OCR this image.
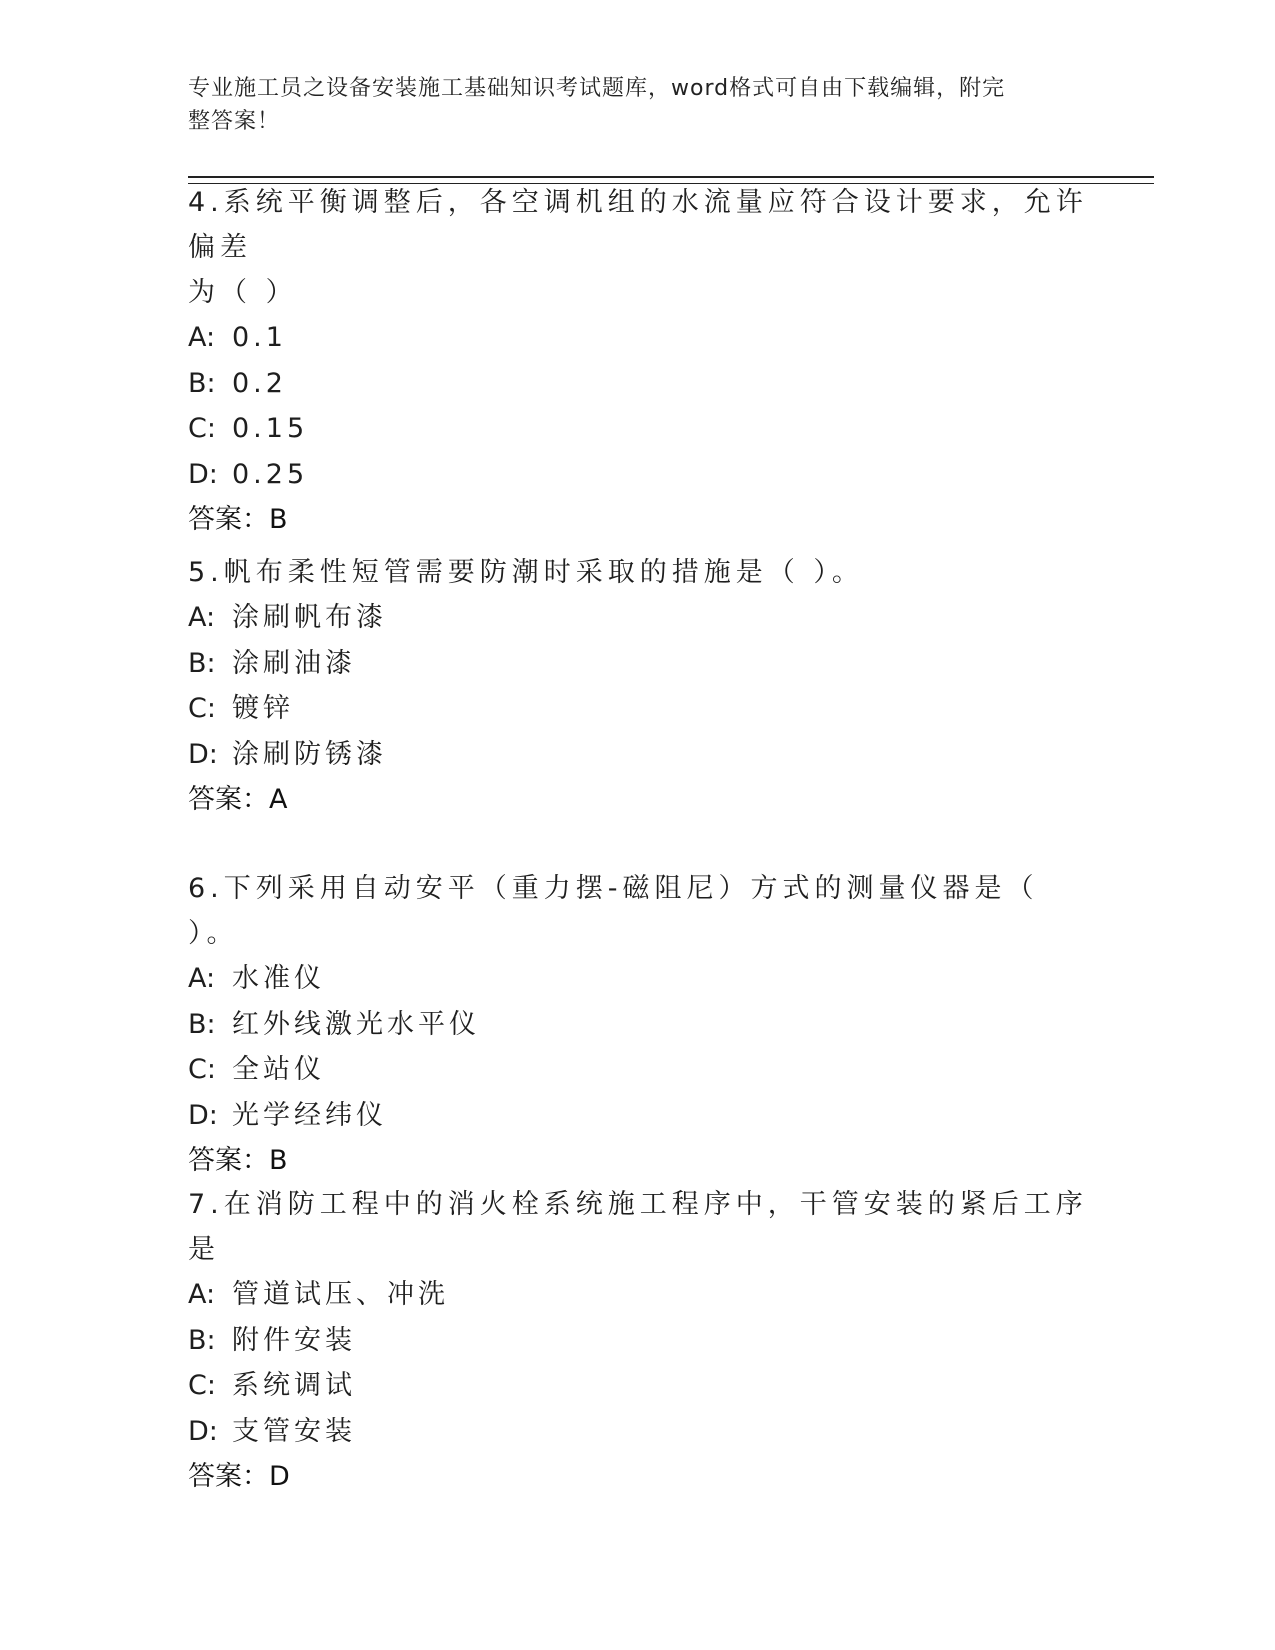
专业施工员之设备安装施工基础知识考试题库，word格式可自由下载编辑，附完
整答案！
4.系统平衡调整后，各空调机组的水流量应符合设计要求，允许偏差
为（ ）
A: 0.1
B: 0.2
C: 0.15
D: 0.25
答案：B
5.帆布柔性短管需要防潮时采取的措施是（ ）。
A: 涂刷帆布漆
B: 涂刷油漆
C: 镀锌
D: 涂刷防锈漆
答案：A
6.下列采用自动安平（重力摆-磁阻尼）方式的测量仪器是（ ）。
A: 水准仪
B: 红外线激光水平仪
C: 全站仪
D: 光学经纬仪
答案：B
7.在消防工程中的消火栓系统施工程序中，干管安装的紧后工序是
A: 管道试压、冲洗
B: 附件安装
C: 系统调试
D: 支管安装
答案：D
